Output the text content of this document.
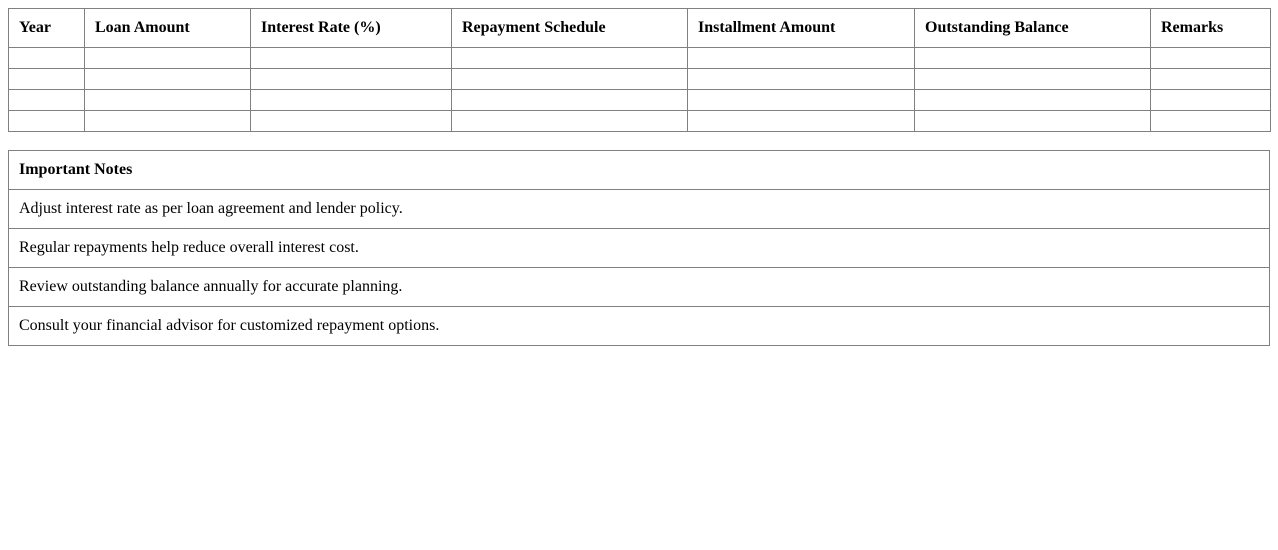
Year	Loan Amount	Interest Rate (%)	Repayment Schedule	Installment Amount	Outstanding Balance	Remarks

Important Notes
Adjust interest rate as per loan agreement and lender policy.
Regular repayments help reduce overall interest cost.
Review outstanding balance annually for accurate planning.
Consult your financial advisor for customized repayment options.
